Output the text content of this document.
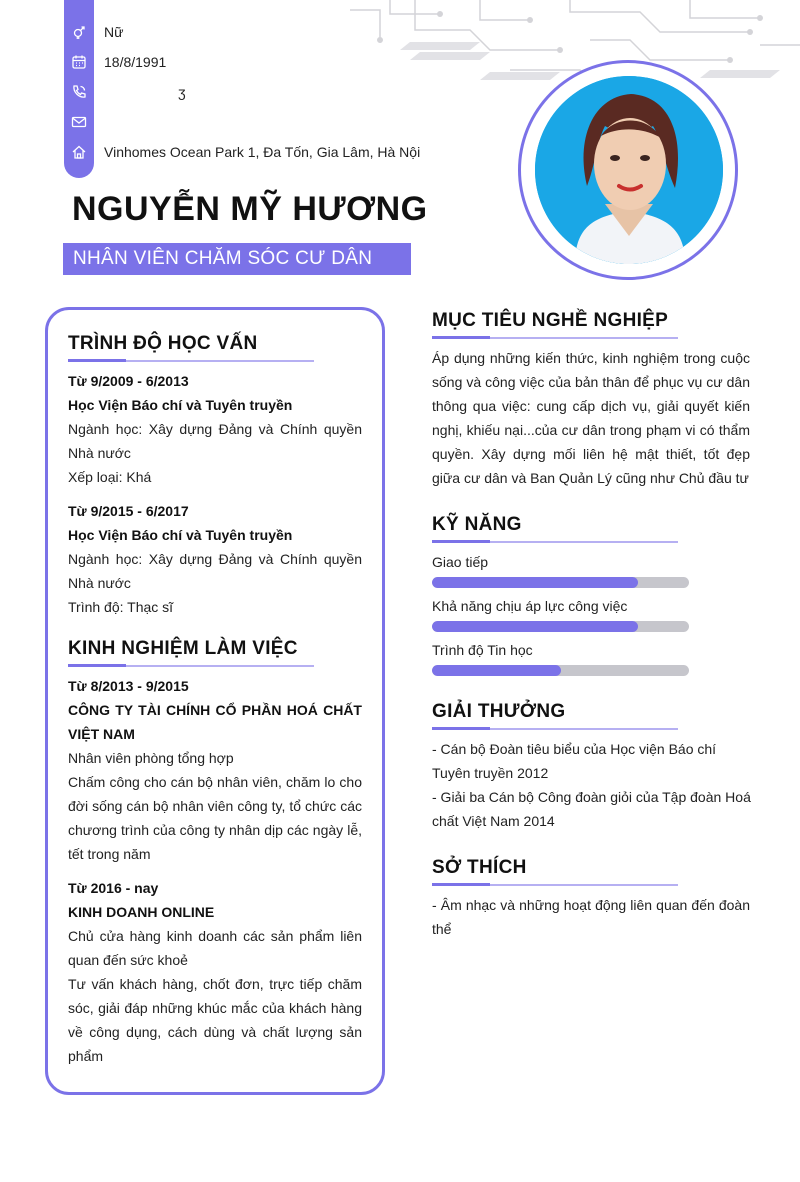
Nữ
18/8/1991
ʒ
Vinhomes Ocean Park 1, Đa Tốn, Gia Lâm, Hà Nội
NGUYỄN MỸ HƯƠNG
NHÂN VIÊN CHĂM SÓC CƯ DÂN
TRÌNH ĐỘ HỌC VẤN
Từ 9/2009 - 6/2013
Học Viện Báo chí và Tuyên truyền
Ngành học: Xây dựng Đảng và Chính quyền Nhà nước
Xếp loại: Khá
Từ 9/2015 - 6/2017
Học Viện Báo chí và Tuyên truyền
Ngành học: Xây dựng Đảng và Chính quyền Nhà nước
Trình độ: Thạc sĩ
KINH NGHIỆM LÀM VIỆC
Từ 8/2013 - 9/2015
CÔNG TY TÀI CHÍNH CỔ PHẦN HOÁ CHẤT VIỆT NAM
Nhân viên phòng tổng hợp
Chấm công cho cán bộ nhân viên, chăm lo cho đời sống cán bộ nhân viên công ty, tổ chức các chương trình của công ty nhân dịp các ngày lễ, tết trong năm
Từ 2016 - nay
KINH DOANH ONLINE
Chủ cửa hàng kinh doanh các sản phẩm liên quan đến sức khoẻ
Tư vấn khách hàng, chốt đơn, trực tiếp chăm sóc, giải đáp những khúc mắc của khách hàng về công dụng, cách dùng và chất lượng sản phẩm
MỤC TIÊU NGHỀ NGHIỆP
Áp dụng những kiến thức, kinh nghiệm trong cuộc sống và công việc của bản thân để phục vụ cư dân thông qua việc: cung cấp dịch vụ, giải quyết kiến nghị, khiếu nại...của cư dân trong phạm vi có thẩm quyền. Xây dựng mối liên hệ mật thiết, tốt đẹp giữa cư dân và Ban Quản Lý cũng như Chủ đầu tư
KỸ NĂNG
Giao tiếp
Khả năng chịu áp lực công việc
Trình độ Tin học
GIẢI THƯỞNG
- Cán bộ Đoàn tiêu biểu của Học viện Báo chí Tuyên truyền 2012
- Giải ba Cán bộ Công đoàn giỏi của Tập đoàn Hoá chất Việt Nam 2014
SỞ THÍCH
- Âm nhạc và những hoạt động liên quan đến đoàn thể
